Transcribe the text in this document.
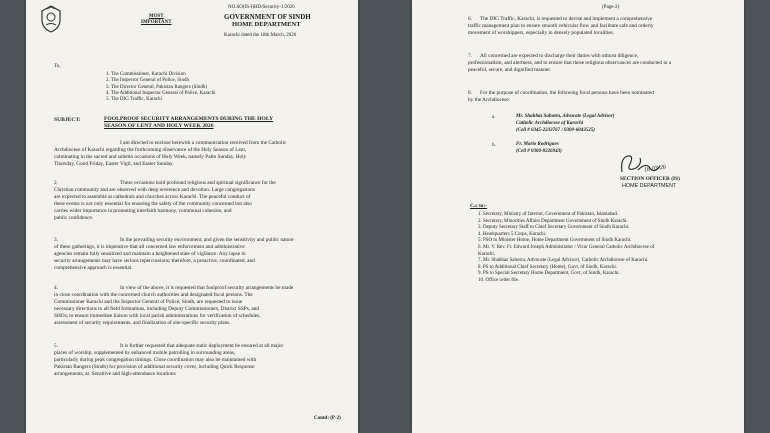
MOST
IMPORTANT
NO.SO(IS-I)HD/Security-1/2026
GOVERNMENT OF SINDH
HOME DEPARTMENT
Karachi dated the 18th March, 2026
To,
1. The Commissioner, Karachi Division
2. The Inspector General of Police, Sindh
3. The Director General, Pakistan Rangers (Sindh)
4. The Additional Inspector General of Police, Karachi
5. The DIG Traffic, Karachi
SUBJECT:	FOOLPROOF SECURITY ARRANGEMENTS DURING THE HOLY
SEASON OF LENT AND HOLY WEEK 2026
I am directed to enclose herewith a communication received from the Catholic
Archdiocese of Karachi regarding the forthcoming observance of the Holy Season of Lent,
culminating in the sacred and solemn occasions of Holy Week, namely Palm Sunday, Holy
Thursday, Good Friday, Easter Vigil, and Easter Sunday.
2.	These occasions hold profound religious and spiritual significance for the
Christian community and are observed with deep reverence and devotion. Large congregations
are expected to assemble at cathedrals and churches across Karachi. The peaceful conduct of
these events is not only essential for ensuring the safety of the community concerned but also
carries wider importance in promoting interfaith harmony, communal cohesion, and
public confidence.
3.	In the prevailing security environment, and given the sensitivity and public nature
of these gatherings, it is imperative that all concerned law enforcement and administrative
agencies remain fully sensitized and maintain a heightened state of vigilance. Any lapse in
security arrangements may have serious repercussions; therefore, a proactive, coordinated, and
comprehensive approach is essential.
4.	In view of the above, it is requested that foolproof security arrangements be made
in close coordination with the concerned church authorities and designated focal persons. The
Commissioner Karachi and the Inspector General of Police, Sindh, are requested to issue
necessary directions to all field formations, including Deputy Commissioners, District SSPs, and
SHOs, to ensure immediate liaison with local parish administrations for verification of schedules,
assessment of security requirements, and finalization of site-specific security plans.
5.	It is further requested that adequate static deployment be ensured at all major
places of worship, supplemented by enhanced mobile patrolling in surrounding areas,
particularly during peak congregation timings. Close coordination may also be maintained with
Pakistan Rangers (Sindh) for provision of additional security cover, including Quick Response
arrangements, at. Sensitive and high-attendance locations
Contd: (P-2)
(Page-2)
6.	The DIG Traffic, Karachi, is requested to devise and implement a comprehensive
traffic management plan to ensure smooth vehicular flow and facilitate safe and orderly
movement of worshippers, especially in densely populated localities.
7.	All concerned are expected to discharge their duties with utmost diligence,
professionalism, and alertness, and to ensure that these religious observances are conducted in a
peaceful, secure, and dignified manner.
8.	For the purpose of coordination, the following focal persons have been nominated
by the Archdiocese:
a.	Mr. Shahbaz Sahotra, Advocate (Legal Advisor)
Catholic Archdiocese of Karachi
(Cell # 0345-2233767 / 0300-6043525)
b.	Fr. Mario Rodrigues
(Cell # 0300-8226943)
18-03-26
SECTION OFFICER (IS)
HOME DEPARTMENT
C.c to:-
1. Secretary, Ministry of Interior, Government of Pakistan, Islamabad.
2. Secretary, Minorities Affairs Department Government of Sindh Karachi.
3. Deputy Secretary Staff to Chief Secretary Government of Sindh Karachi.
4. Headquarters 5 Corps, Karachi.
5. PSO to Minister Home, Home Department Government of Sindh Karachi.
6. Mr. V. Rev. Fr. Edward Joseph Administrator / Vicar General Catholic Archdiocese of
Karachi.
7. Mr. Shahbaz Sahotra, Advocate (Legal Advisor), Catholic Archdiocese of Karachi.
8. PS to Additional Chief Secretary (Home), Govt, of Sindh, Karachi.
9. PS to Special Secretary Home Department, Govt, of Sindh, Karachi.
10. Office order file.
